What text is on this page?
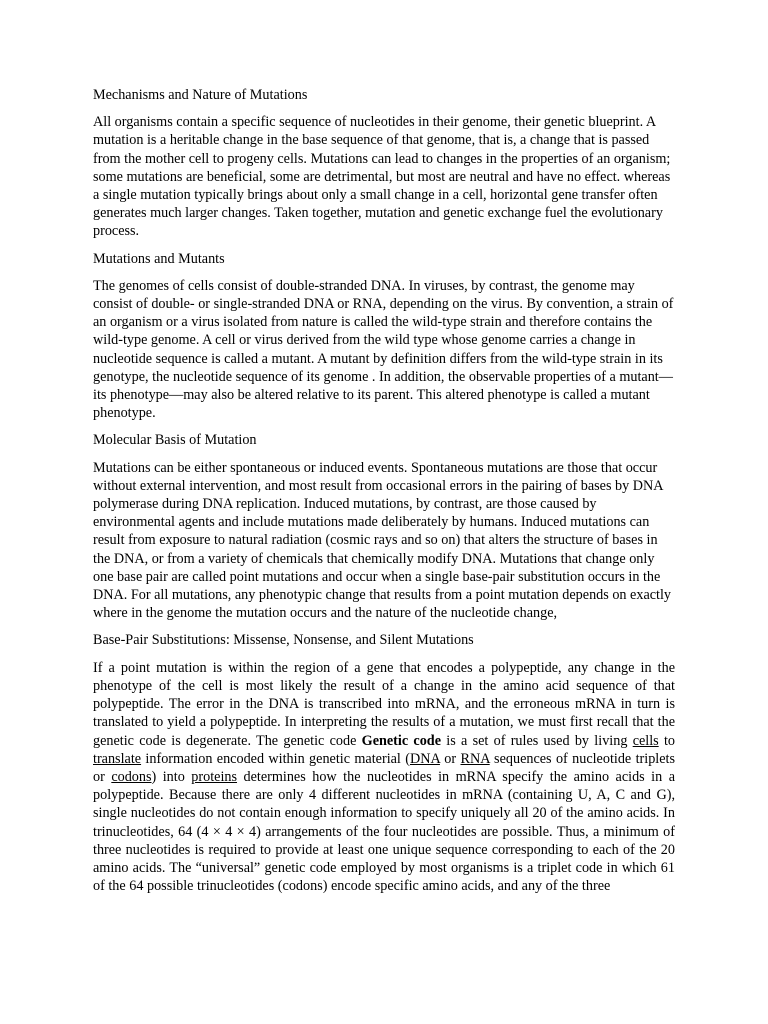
Mechanisms and Nature of Mutations
All organisms contain a specific sequence of nucleotides in their genome, their genetic blueprint. A mutation is a heritable change in the base sequence of that genome, that is, a change that is passed from the mother cell to progeny cells. Mutations can lead to changes in the properties of an organism; some mutations are beneficial, some are detrimental, but most are neutral and have no effect. whereas a single mutation typically brings about only a small change in a cell, horizontal gene transfer often generates much larger changes. Taken together, mutation and genetic exchange fuel the evolutionary process.
Mutations and Mutants
The genomes of cells consist of double-stranded DNA. In viruses, by contrast, the genome may consist of double- or single-stranded DNA or RNA, depending on the virus. By convention, a strain of an organism or a virus isolated from nature is called the wild-type strain and therefore contains the wild-type genome. A cell or virus derived from the wild type whose genome carries a change in nucleotide sequence is called a mutant. A mutant by definition differs from the wild-type strain in its genotype, the nucleotide sequence of its genome . In addition, the observable properties of a mutant—its phenotype—may also be altered relative to its parent. This altered phenotype is called a mutant phenotype.
Molecular Basis of Mutation
Mutations can be either spontaneous or induced events. Spontaneous mutations are those that occur without external intervention, and most result from occasional errors in the pairing of bases by DNA polymerase during DNA replication. Induced mutations, by contrast, are those caused by environmental agents and include mutations made deliberately by humans. Induced mutations can result from exposure to natural radiation (cosmic rays and so on) that alters the structure of bases in the DNA, or from a variety of chemicals that chemically modify DNA. Mutations that change only one base pair are called point mutations and occur when a single base-pair substitution occurs in the DNA. For all mutations, any phenotypic change that results from a point mutation depends on exactly where in the genome the mutation occurs and the nature of the nucleotide change,
Base-Pair Substitutions: Missense, Nonsense, and Silent Mutations
If a point mutation is within the region of a gene that encodes a polypeptide, any change in the phenotype of the cell is most likely the result of a change in the amino acid sequence of that polypeptide. The error in the DNA is transcribed into mRNA, and the erroneous mRNA in turn is translated to yield a polypeptide. In interpreting the results of a mutation, we must first recall that the genetic code is degenerate. The genetic code Genetic code is a set of rules used by living cells to translate information encoded within genetic material (DNA or RNA sequences of nucleotide triplets or codons) into proteins determines how the nucleotides in mRNA specify the amino acids in a polypeptide. Because there are only 4 different nucleotides in mRNA (containing U, A, C and G), single nucleotides do not contain enough information to specify uniquely all 20 of the amino acids. In trinucleotides, 64 (4 × 4 × 4) arrangements of the four nucleotides are possible. Thus, a minimum of three nucleotides is required to provide at least one unique sequence corresponding to each of the 20 amino acids. The “universal” genetic code employed by most organisms is a triplet code in which 61 of the 64 possible trinucleotides (codons) encode specific amino acids, and any of the three
